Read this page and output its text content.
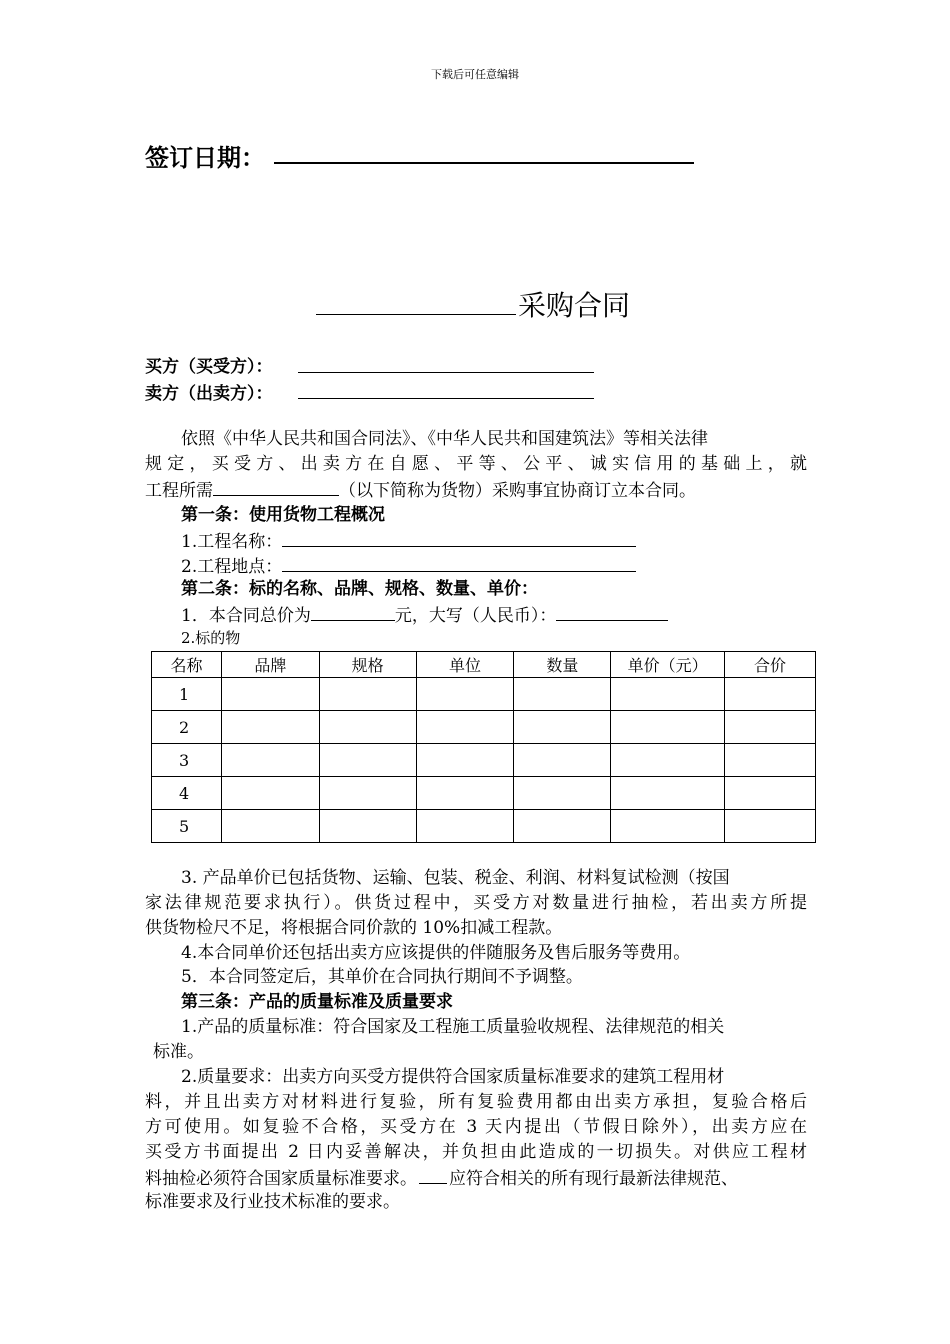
下载后可任意编辑
签订日期：
采购合同
买方（买受方）：
卖方（出卖方）：
依照《中华人民共和国合同法》、《中华人民共和国建筑法》等相关法律
规定，买受方、出卖方在自愿、平等、公平、诚实信用的基础上，就
工程所需	（以下简称为货物）采购事宜协商订立本合同。
第一条：使用货物工程概况
1.工程名称：
2.工程地点：
第二条：标的名称、品牌、规格、数量、单价：
1．本合同总价为	元，大写（人民币）：
2.标的物
名称	品牌	规格	单位	数量	单价（元）	合价
1						
2						
3						
4						
5						
3. 产品单价已包括货物、运输、包装、税金、利润、材料复试检测（按国
家法律规范要求执行）。供货过程中，买受方对数量进行抽检，若出卖方所提
供货物检尺不足，将根据合同价款的 10%扣减工程款。
4.本合同单价还包括出卖方应该提供的伴随服务及售后服务等费用。
5．本合同签定后，其单价在合同执行期间不予调整。
第三条：产品的质量标准及质量要求
1.产品的质量标准：符合国家及工程施工质量验收规程、法律规范的相关
标准。
2.质量要求：出卖方向买受方提供符合国家质量标准要求的建筑工程用材
料，并且出卖方对材料进行复验，所有复验费用都由出卖方承担，复验合格后
方可使用。如复验不合格，买受方在 3 天内提出（节假日除外），出卖方应在
买受方书面提出 2 日内妥善解决，并负担由此造成的一切损失。对供应工程材
料抽检必须符合国家质量标准要求。 应符合相关的所有现行最新法律规范、
标准要求及行业技术标准的要求。
